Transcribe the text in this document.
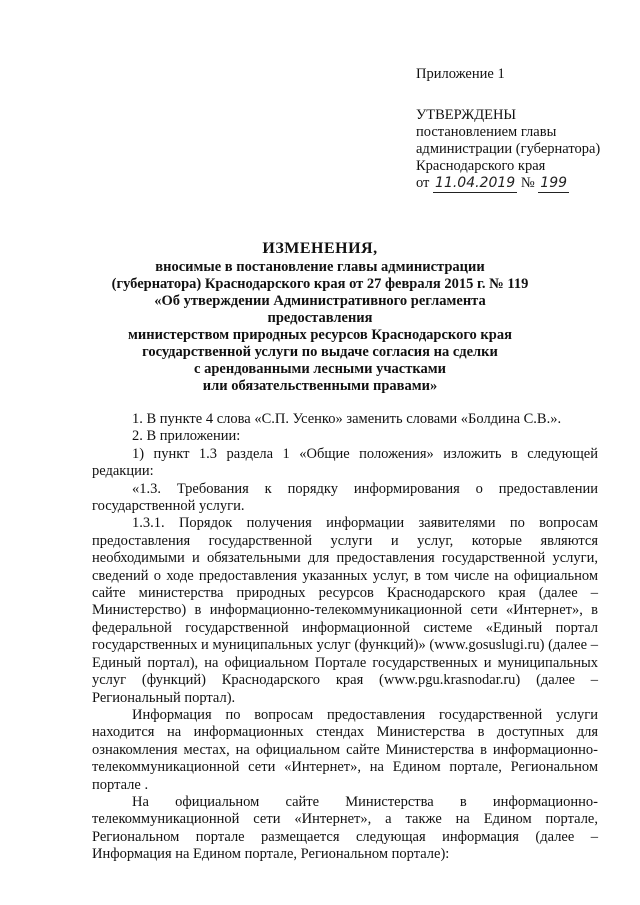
Приложение 1
УТВЕРЖДЕНЫ
постановлением главы
администрации (губернатора)
Краснодарского края
от 11.04.2019 № 199
ИЗМЕНЕНИЯ,
вносимые в постановление главы администрации
(губернатора) Краснодарского края от 27 февраля 2015 г. № 119
«Об утверждении Административного регламента предоставления
министерством природных ресурсов Краснодарского края
государственной услуги по выдаче согласия на сделки
с арендованными лесными участками
или обязательственными правами»

1. В пункте 4 слова «С.П. Усенко» заменить словами «Болдина С.В.».

2. В приложении:

1) пункт 1.3 раздела 1 «Общие положения» изложить в следующей редакции:

«1.3. Требования к порядку информирования о предоставлении государственной услуги.

1.3.1. Порядок получения информации заявителями по вопросам предоставления государственной услуги и услуг, которые являются необходимыми и обязательными для предоставления государственной услуги, сведений о ходе предоставления указанных услуг, в том числе на официальном сайте министерства природных ресурсов Краснодарского края (далее – Министерство) в информационно-телекоммуникационной сети «Интернет», в федеральной государственной информационной системе «Единый портал государственных и муниципальных услуг (функций)» (www.gosuslugi.ru) (далее – Единый портал), на официальном Портале государственных и муниципальных услуг (функций) Краснодарского края (www.pgu.krasnodar.ru) (далее – Региональный портал).

Информация по вопросам предоставления государственной услуги находится на информационных стендах Министерства в доступных для ознакомления местах, на официальном сайте Министерства в информационно-телекоммуникационной сети «Интернет», на Едином портале, Региональном портале .

На официальном сайте Министерства в информационно-телекоммуникационной сети «Интернет», а также на Едином портале, Региональном портале размещается следующая информация (далее – Информация на Едином портале, Региональном портале):
